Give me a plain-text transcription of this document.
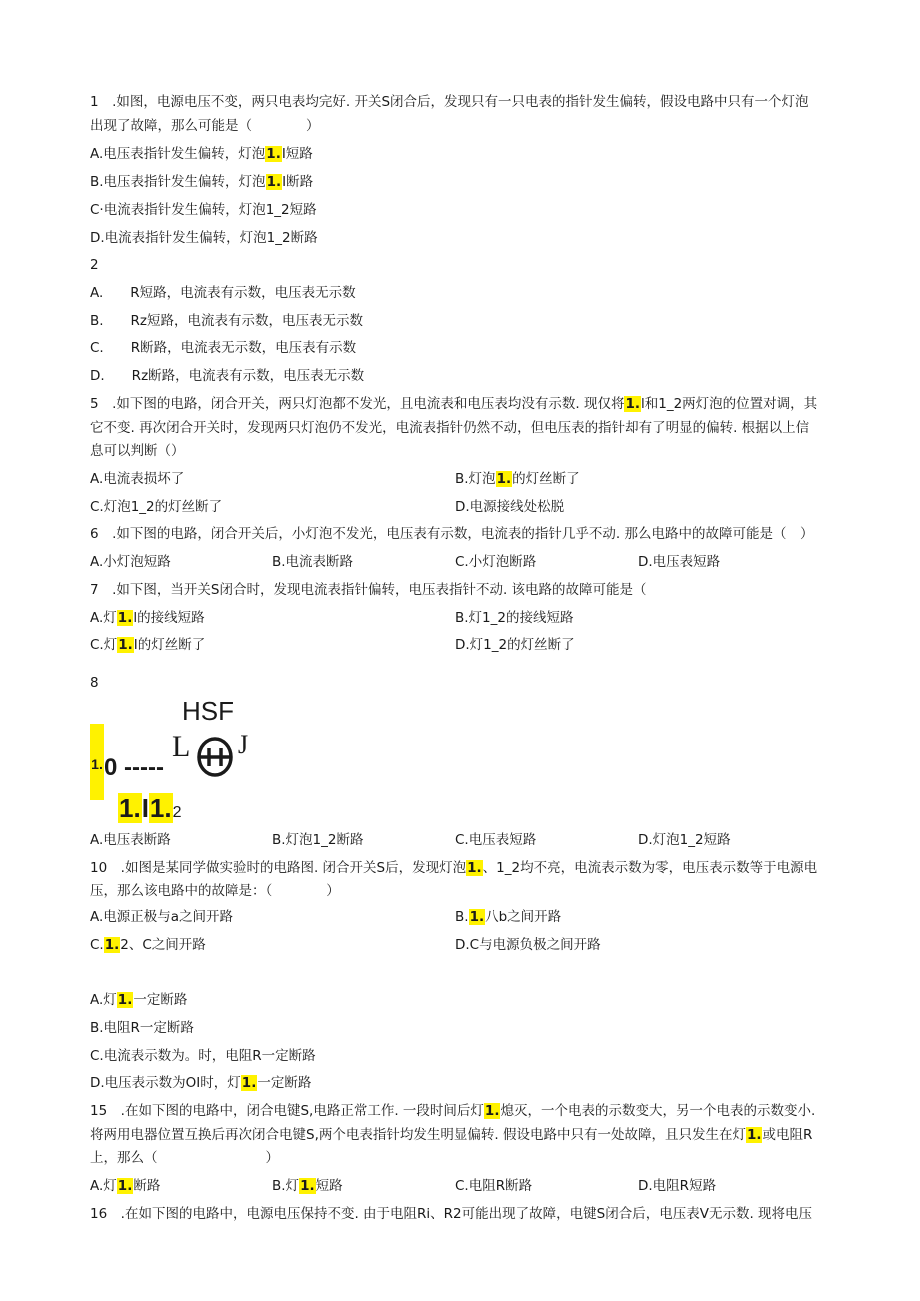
1　.如图，电源电压不变，两只电表均完好. 开关S闭合后，发现只有一只电表的指针发生偏转，假设电路中只有一个灯泡
出现了故障，那么可能是（　　　　）
A.电压表指针发生偏转，灯泡1.I短路
B.电压表指针发生偏转，灯泡1.I断路
C·电流表指针发生偏转，灯泡1_2短路
D.电流表指针发生偏转，灯泡1_2断路
2
A.　　R短路，电流表有示数，电压表无示数
B.　　Rz短路，电流表有示数，电压表无示数
C.　　R断路，电流表无示数，电压表有示数
D.　　Rz断路，电流表有示数，电压表无示数
5　.如下图的电路，闭合开关，两只灯泡都不发光，且电流表和电压表均没有示数. 现仅将1.l和1_2两灯泡的位置对调，其
它不变. 再次闭合开关时，发现两只灯泡仍不发光，电流表指针仍然不动，但电压表的指针却有了明显的偏转. 根据以上信
息可以判断（）
A.电流表损坏了	B.灯泡1.的灯丝断了
C.灯泡1_2的灯丝断了	D.电源接线处松脱
6　.如下图的电路，闭合开关后，小灯泡不发光，电压表有示数，电流表的指针几乎不动. 那么电路中的故障可能是（　）
A.小灯泡短路	B.电流表断路	C.小灯泡断路	D.电压表短路
7　.如下图，当开关S闭合时，发现电流表指针偏转，电压表指针不动. 该电路的故障可能是（
A.灯1.l的接线短路	B.灯1_2的接线短路
C.灯1.I的灯丝断了	D.灯1_2的灯丝断了
8
HSF
L J
1. 0 -----
1.I1.2
A.电压表断路	B.灯泡1_2断路	C.电压表短路	D.灯泡1_2短路
10　.如图是某同学做实验时的电路图. 闭合开关S后，发现灯泡1.、1_2均不亮，电流表示数为零，电压表示数等于电源电
压，那么该电路中的故障是：（　　　　）
A.电源正极与a之间开路	B.1.八b之间开路
C.1.2、C之间开路	D.C与电源负极之间开路
A.灯1.一定断路
B.电阻R一定断路
C.电流表示数为。时，电阻R一定断路
D.电压表示数为OI时，灯1.一定断路
15　.在如下图的电路中，闭合电键S,电路正常工作. 一段时间后灯1.熄灭，一个电表的示数变大，另一个电表的示数变小.
将两用电器位置互换后再次闭合电键S,两个电表指针均发生明显偏转. 假设电路中只有一处故障，且只发生在灯1.或电阻R
上，那么（　　　　　　　　）
A.灯1.断路	B.灯1.短路	C.电阻R断路	D.电阻R短路
16　.在如下图的电路中，电源电压保持不变. 由于电阻Ri、R2可能出现了故障，电键S闭合后，电压表V无示数. 现将电压
